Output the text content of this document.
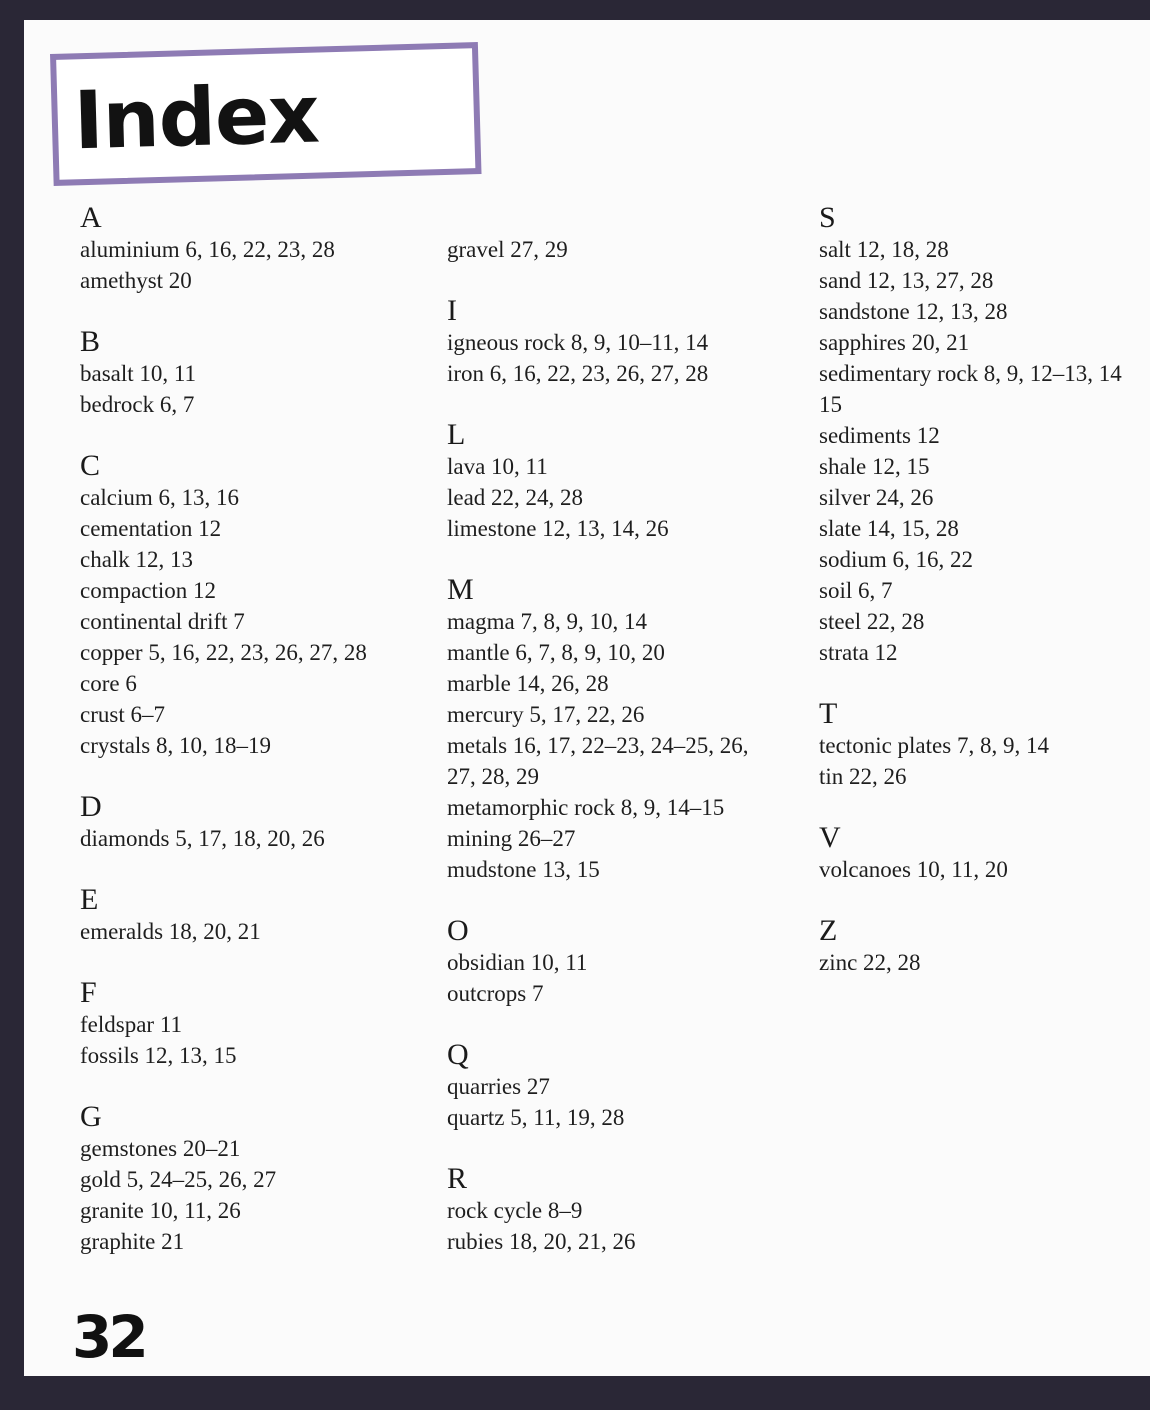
Index
A
aluminium 6, 16, 22, 23, 28
amethyst 20
B
basalt 10, 11
bedrock 6, 7
C
calcium 6, 13, 16
cementation 12
chalk 12, 13
compaction 12
continental drift 7
copper 5, 16, 22, 23, 26, 27, 28
core 6
crust 6–7
crystals 8, 10, 18–19
D
diamonds 5, 17, 18, 20, 26
E
emeralds 18, 20, 21
F
feldspar 11
fossils 12, 13, 15
G
gemstones 20–21
gold 5, 24–25, 26, 27
granite 10, 11, 26
graphite 21
gravel 27, 29
I
igneous rock 8, 9, 10–11, 14
iron 6, 16, 22, 23, 26, 27, 28
L
lava 10, 11
lead 22, 24, 28
limestone 12, 13, 14, 26
M
magma 7, 8, 9, 10, 14
mantle 6, 7, 8, 9, 10, 20
marble 14, 26, 28
mercury 5, 17, 22, 26
metals 16, 17, 22–23, 24–25, 26,
27, 28, 29
metamorphic rock 8, 9, 14–15
mining 26–27
mudstone 13, 15
O
obsidian 10, 11
outcrops 7
Q
quarries 27
quartz 5, 11, 19, 28
R
rock cycle 8–9
rubies 18, 20, 21, 26
S
salt 12, 18, 28
sand 12, 13, 27, 28
sandstone 12, 13, 28
sapphires 20, 21
sedimentary rock 8, 9, 12–13, 14
15
sediments 12
shale 12, 15
silver 24, 26
slate 14, 15, 28
sodium 6, 16, 22
soil 6, 7
steel 22, 28
strata 12
T
tectonic plates 7, 8, 9, 14
tin 22, 26
V
volcanoes 10, 11, 20
Z
zinc 22, 28
32
